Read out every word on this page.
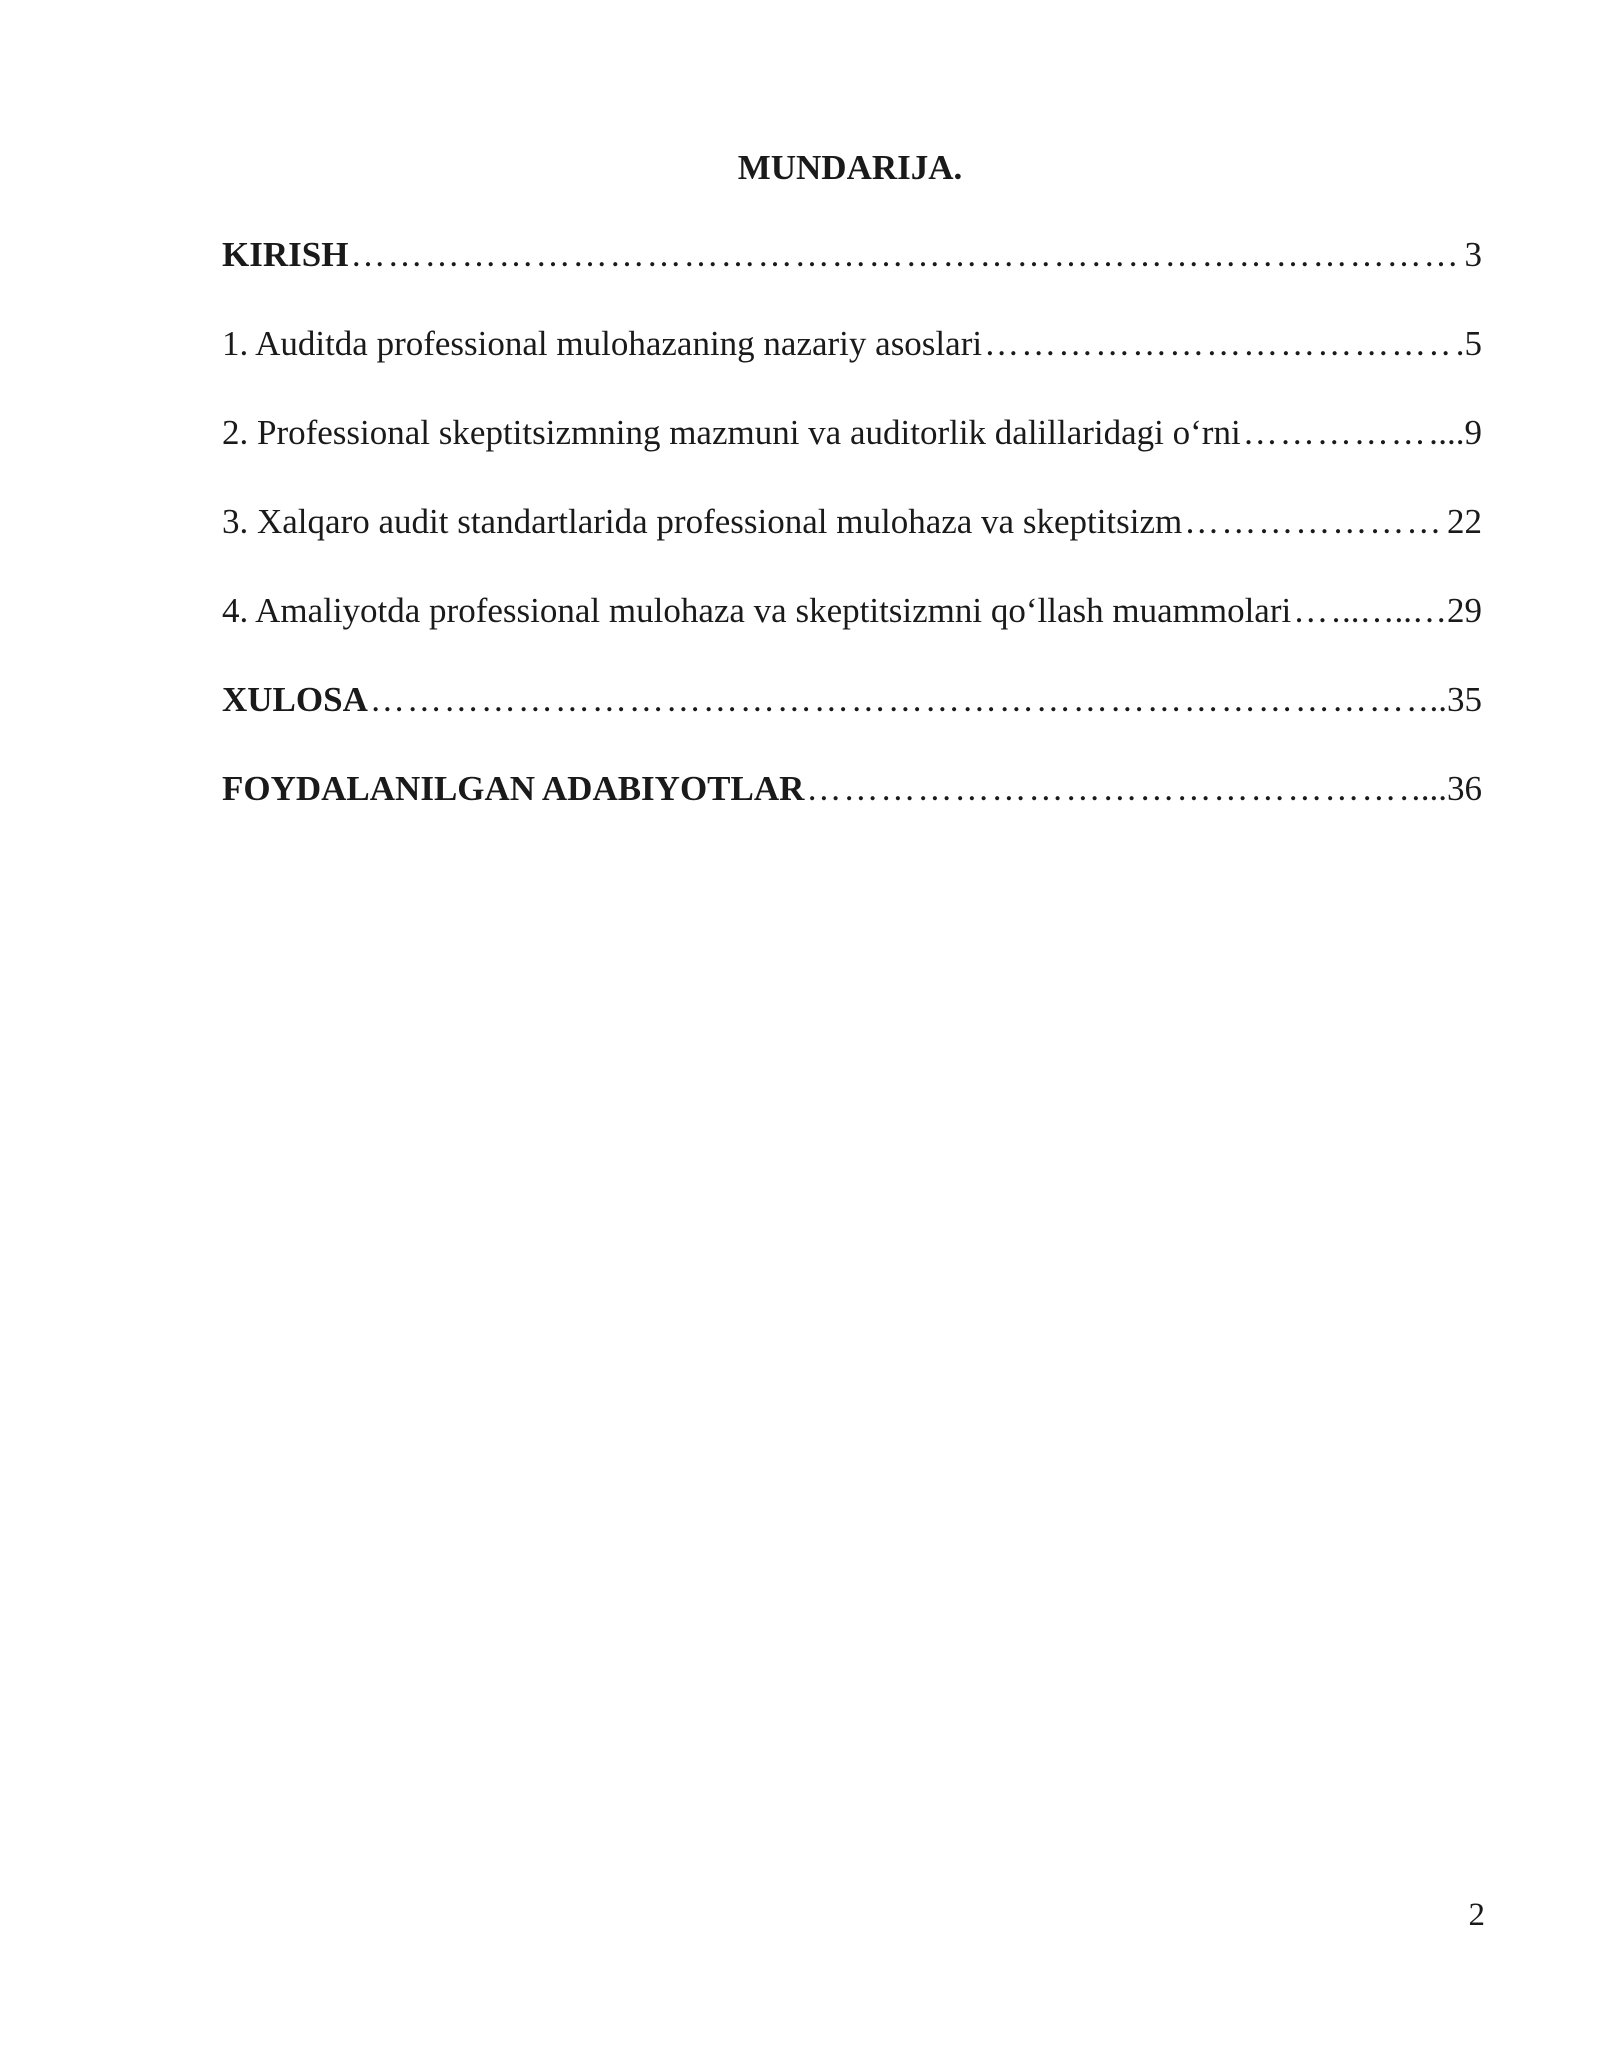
MUNDARIJA.
KIRISH …………………………………………………………………………………………………………………………………………………………	3
1. Auditda professional mulohazaning nazariy asoslari …………………………………………………………………………………………………………………………………………………………	.5
2. Professional skeptitsizmning mazmuni va auditorlik dalillaridagi o‘rni …………………………………………………………………………………………………………………………………………………………	...9
3. Xalqaro audit standartlarida professional mulohaza va skeptitsizm …………………………………………………………………………………………………………………………………………………………	22
4. Amaliyotda professional mulohaza va skeptitsizmni qo‘llash muammolari ………………………………………………………………………………………………………………………………………………………… ..…..…29
XULOSA …………………………………………………………………………………………………………………………………………………………	..35
FOYDALANILGAN ADABIYOTLAR …………………………………………………………………………………………………………………………………………………………	...36
2
